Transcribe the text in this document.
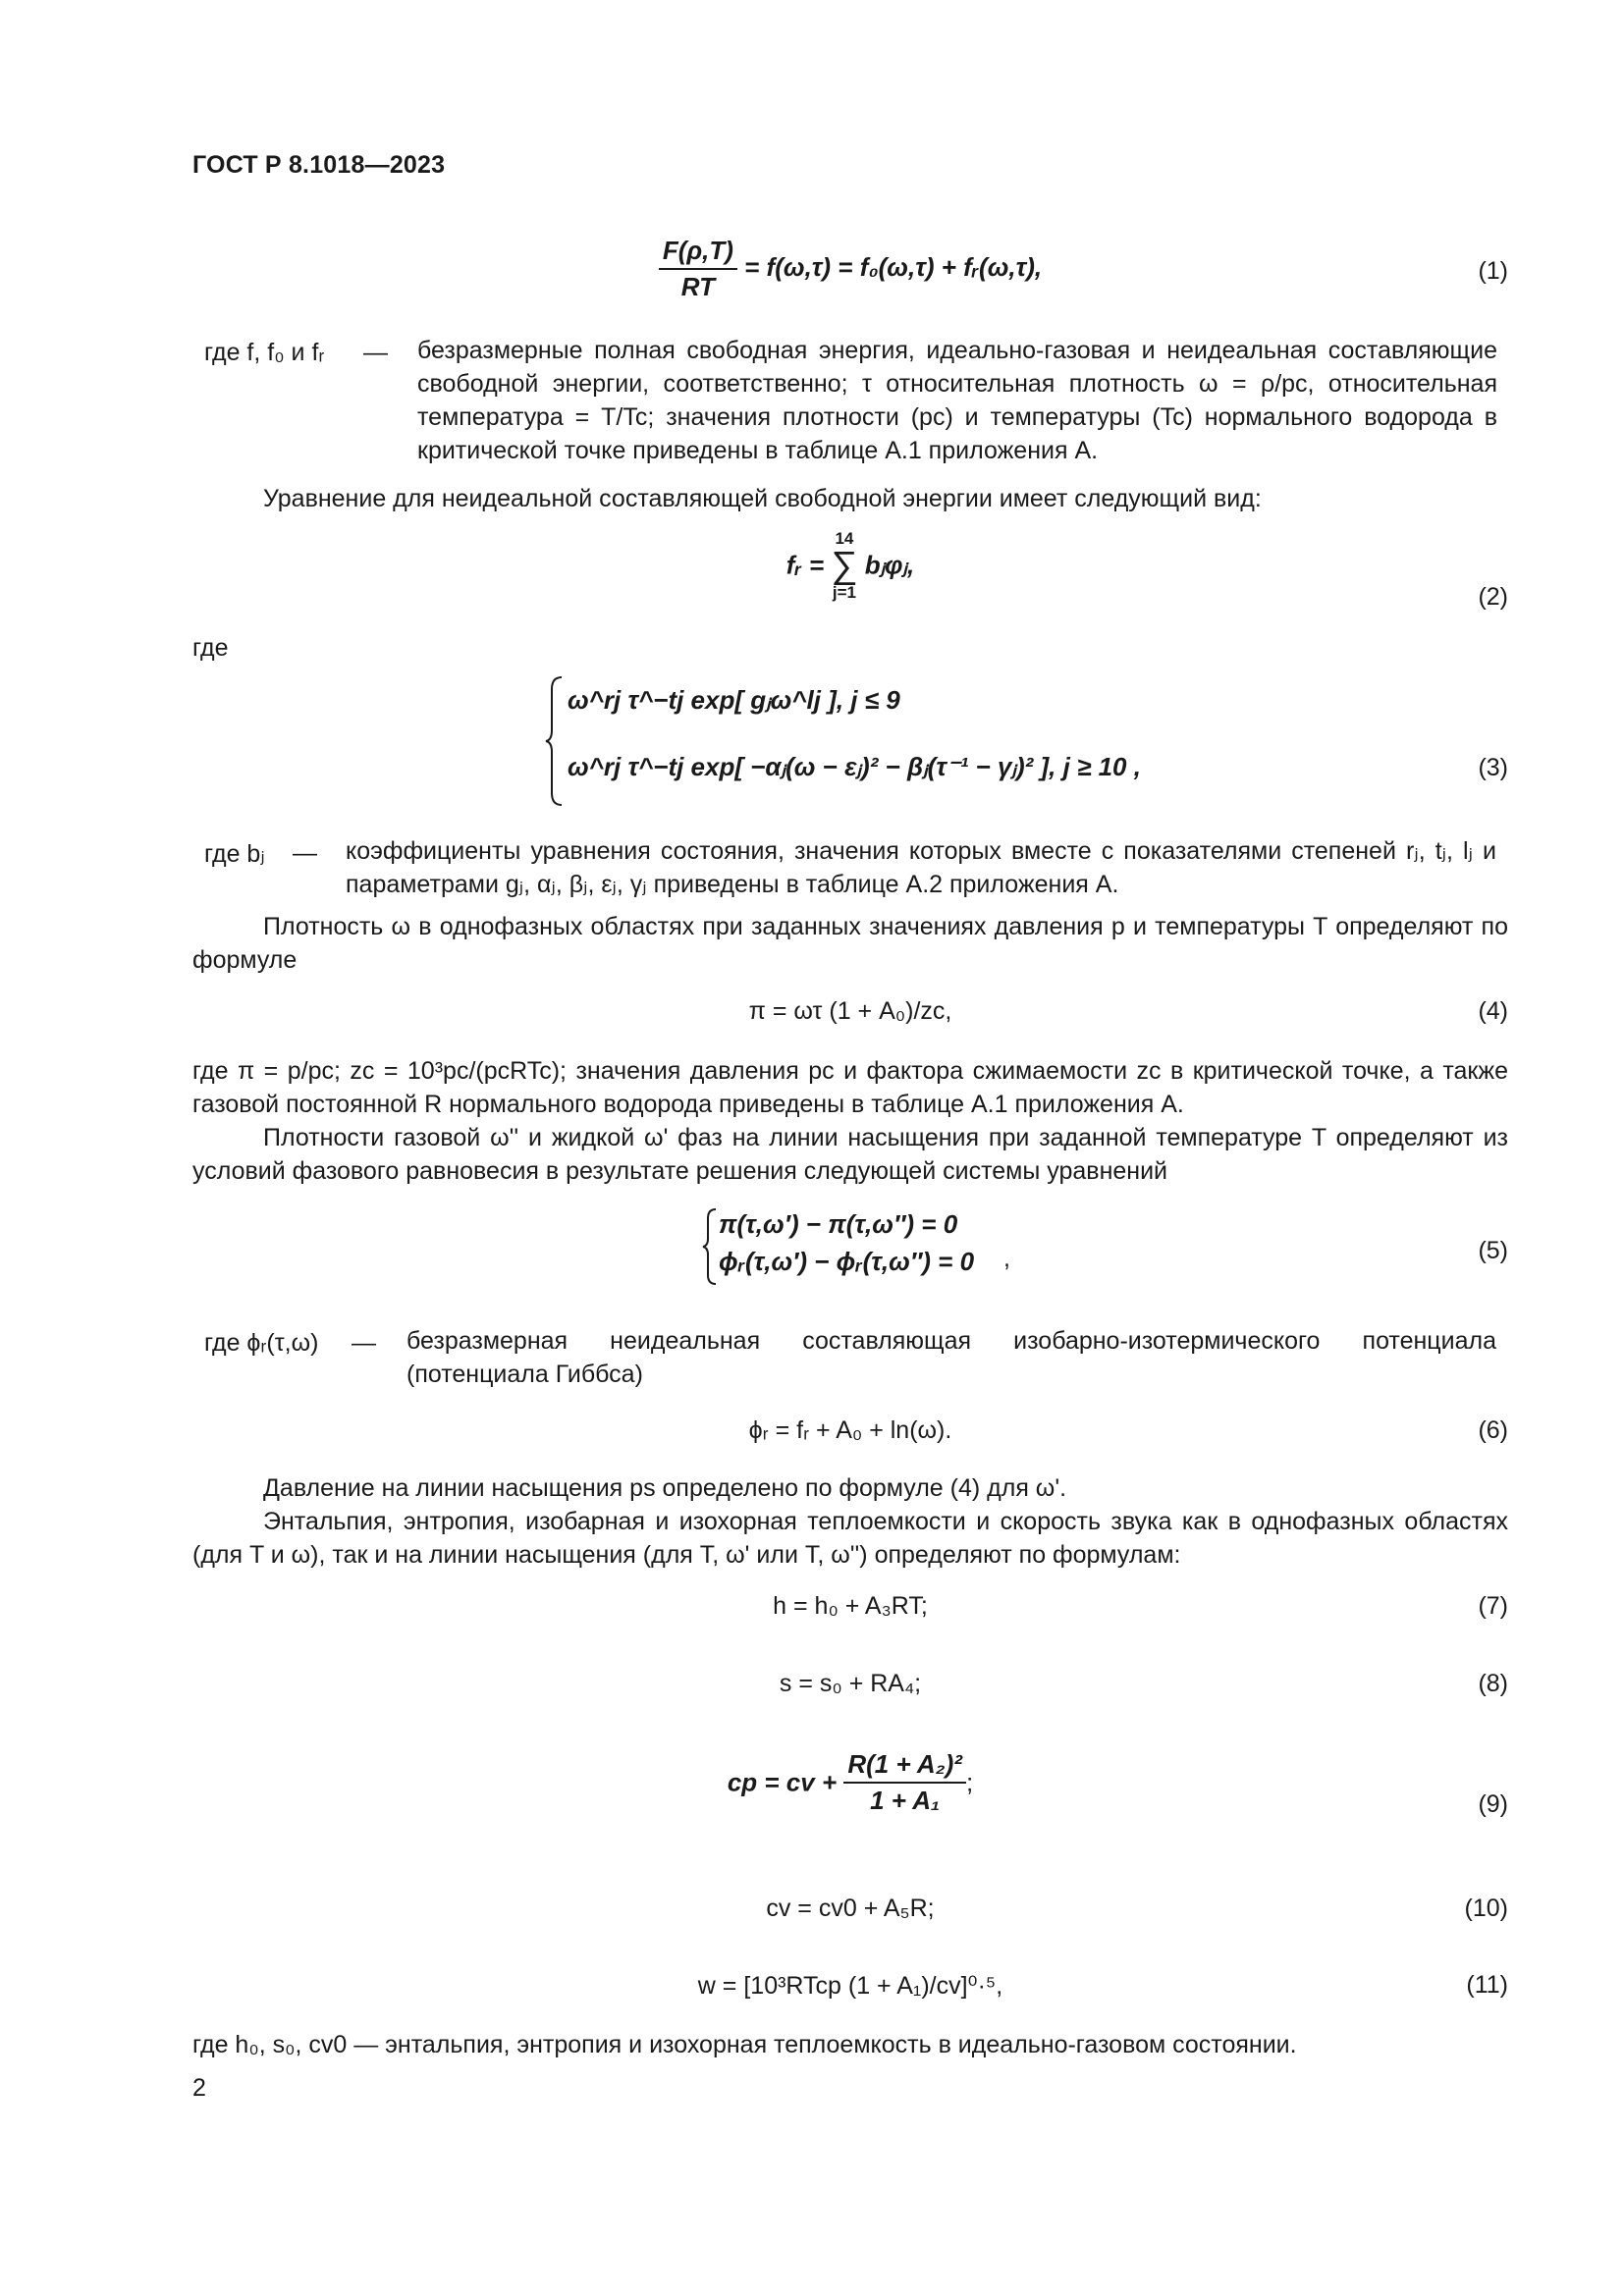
ГОСТ Р 8.1018—2023
$\frac{F(\rho,T)}{RT} = f(\omega,\tau) = f_0(\omega,\tau)$ + fᵣ(ω,τ),	(1)
где f, f₀ и fᵣ — безразмерные полная свободная энергия, идеально-газовая и неидеальная составляющие свободной энергии, соответственно; τ относительная плотность ω = ρ/pc, относительная температура = T/Tc; значения плотности (pc) и температуры (Tc) нормального водорода в критической точке приведены в таблице А.1 приложения А.
Уравнение для неидеальной составляющей свободной энергии имеет следующий вид:
fᵣ =
14
∑
j=1
bⱼφⱼ,
(2)
где
ω^rj τ^−tj exp[ gⱼω^lj ], j ≤ 9
ω^rj τ^−tj exp[ −αⱼ(ω − εⱼ)² − βⱼ(τ⁻¹ − γⱼ)² ], j ≥ 10 ,	(3)
где bⱼ — коэффициенты уравнения состояния, значения которых вместе с показателями степеней rⱼ, tⱼ, lⱼ и параметрами gⱼ, αⱼ, βⱼ, εⱼ, γⱼ приведены в таблице А.2 приложения А.
Плотность ω в однофазных областях при заданных значениях давления p и температуры T определяют по формуле
π = ωτ (1 + A₀)/zc,	(4)
где π = p/pc; zc = 10³pc/(pcRTc); значения давления pc и фактора сжимаемости zc в критической точке, а также газовой постоянной R нормального водорода приведены в таблице А.1 приложения А.
Плотности газовой ω'' и жидкой ω' фаз на линии насыщения при заданной температуре T определяют из условий фазового равновесия в результате решения следующей системы уравнений
π(τ,ω′) − π(τ,ω″) = 0
ϕᵣ(τ,ω′) − ϕᵣ(τ,ω″) = 0 ,	(5)
где ϕᵣ(τ,ω) — безразмерная неидеальная составляющая изобарно-изотермического потенциала (потенциала Гиббса)
ϕᵣ = fᵣ + A₀ + ln(ω).	(6)
Давление на линии насыщения ps определено по формуле (4) для ω'.
Энтальпия, энтропия, изобарная и изохорная теплоемкости и скорость звука как в однофазных областях (для T и ω), так и на линии насыщения (для T, ω' или T, ω'') определяют по формулам:
h = h₀ + A₃RT;	(7)
s = s₀ + RA₄;	(8)
cp = cv + $\frac{\text{R(1 + A₂)²}}{\text{1 + A₁}}$ ;
(9)
cv = cv0 + A₅R;	(10)
w = [10³RTcp (1 + A₁)/cv]⁰·⁵,	(11)
где h₀, s₀, cv0 — энтальпия, энтропия и изохорная теплоемкость в идеально-газовом состоянии.
2
